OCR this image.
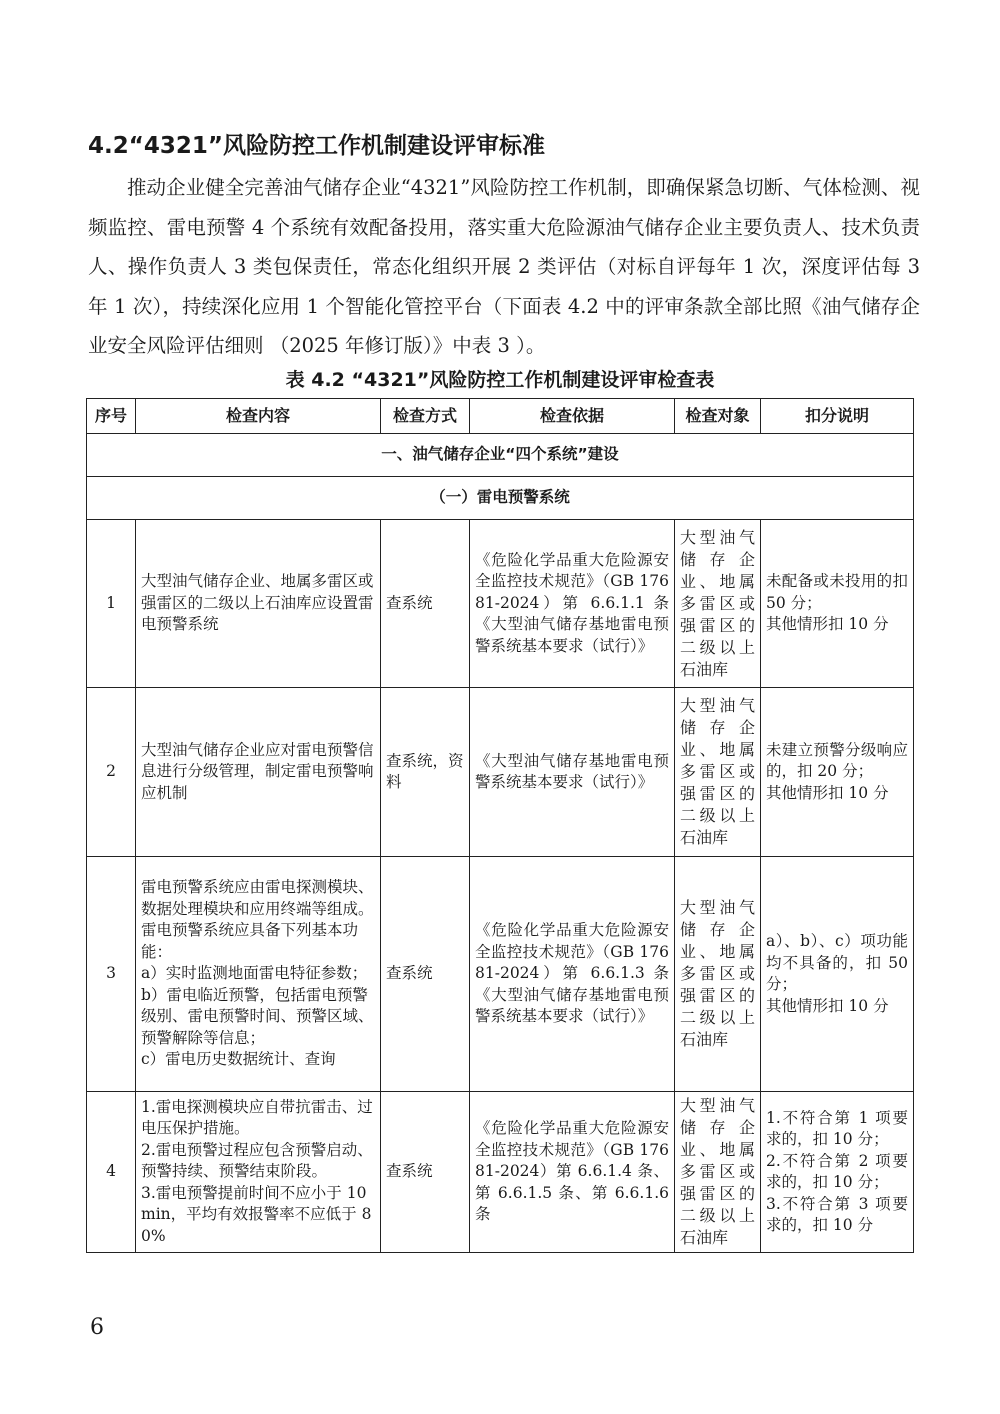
4.2“4321”风险防控工作机制建设评审标准

推动企业健全完善油气储存企业“4321”风险防控工作机制，即确保紧急切断、气体检测、视频监控、雷电预警 4 个系统有效配备投用，落实重大危险源油气储存企业主要负责人、技术负责人、操作负责人 3 类包保责任，常态化组织开展 2 类评估（对标自评每年 1 次，深度评估每 3 年 1 次），持续深化应用 1 个智能化管控平台（下面表 4.2 中的评审条款全部比照《油气储存企业安全风险评估细则 （2025 年修订版）》中表 3 ）。

表 4.2 “4321”风险防控工作机制建设评审检查表
序号	检查内容	检查方式	检查依据	检查对象	扣分说明
一、油气储存企业“四个系统”建设					
（一）雷电预警系统					
1	大型油气储存企业、地属多雷区或强雷区的二级以上石油库应设置雷电预警系统	查系统	《危险化学品重大危险源安全监控技术规范》（GB 17681-2024）第 6.6.1.1 条《大型油气储存基地雷电预警系统基本要求（试行）》	大型油气储存企业、地属多雷区或强雷区的二级以上石油库	未配备或未投用的扣 50 分；
其他情形扣 10 分

2	大型油气储存企业应对雷电预警信息进行分级管理，制定雷电预警响应机制	查系统，资料	《大型油气储存基地雷电预警系统基本要求（试行）》	大型油气储存企业、地属多雷区或强雷区的二级以上石油库	未建立预警分级响应的，扣 20 分；
其他情形扣 10 分

3	雷电预警系统应由雷电探测模块、数据处理模块和应用终端等组成。雷电预警系统应具备下列基本功能：
a）实时监测地面雷电特征参数；
b）雷电临近预警，包括雷电预警级别、雷电预警时间、预警区域、预警解除等信息；
c）雷电历史数据统计、查询	查系统	《危险化学品重大危险源安全监控技术规范》（GB 17681-2024）第 6.6.1.3 条《大型油气储存基地雷电预警系统基本要求（试行）》	大型油气储存企业、地属多雷区或强雷区的二级以上石油库	a）、b）、c）项功能均不具备的，扣 50 分；
其他情形扣 10 分

4	1.雷电探测模块应自带抗雷击、过电压保护措施。
2.雷电预警过程应包含预警启动、预警持续、预警结束阶段。
3.雷电预警提前时间不应小于 10min，平均有效报警率不应低于 80%	查系统	《危险化学品重大危险源安全监控技术规范》（GB 17681-2024）第 6.6.1.4 条、第 6.6.1.5 条、第 6.6.1.6 条	大型油气储存企业、地属多雷区或强雷区的二级以上石油库	1.不符合第 1 项要求的，扣 10 分；
2.不符合第 2 项要求的，扣 10 分；
3.不符合第 3 项要求的，扣 10 分
6
